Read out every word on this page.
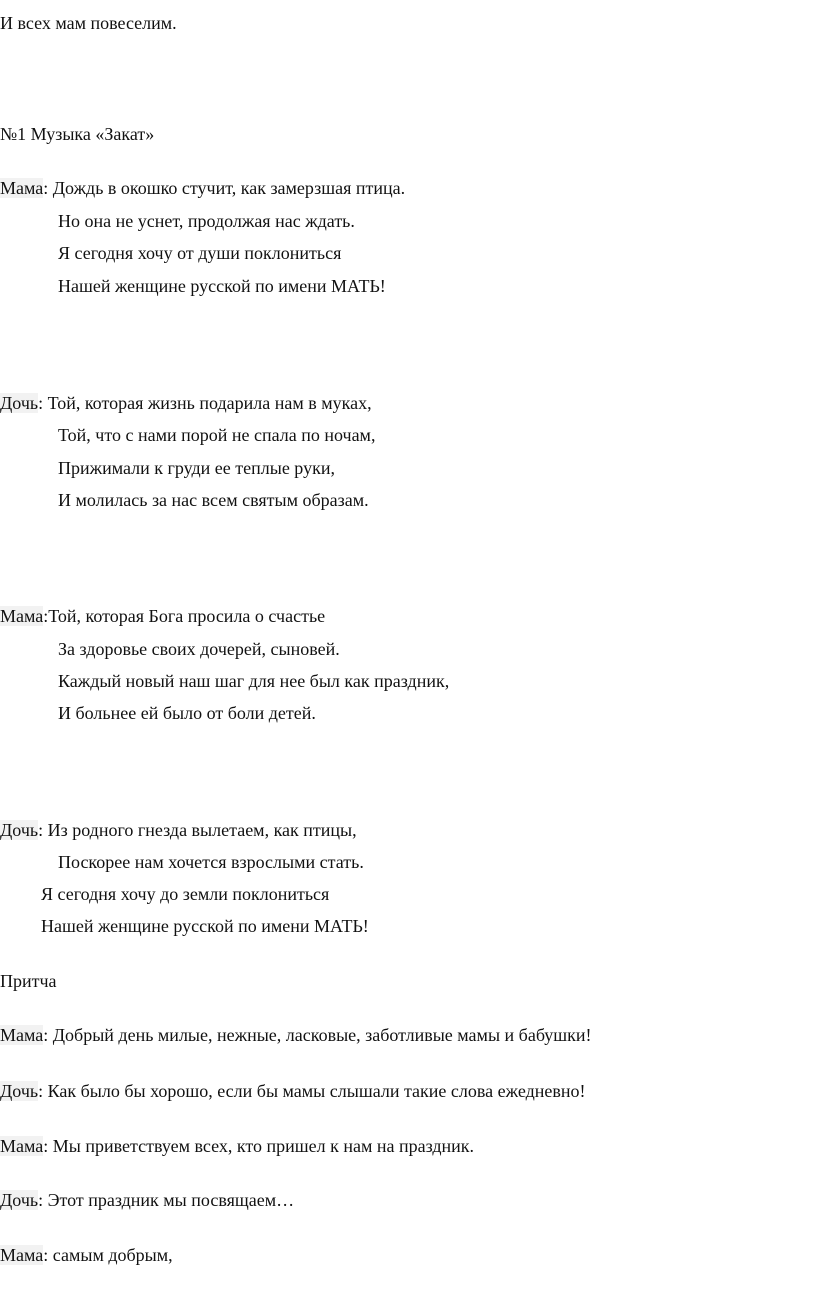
И всех мам повеселим.
№1 Музыка «Закат»
Мама: Дождь в окошко стучит, как замерзшая птица.
Но она не уснет, продолжая нас ждать.
Я сегодня хочу от души поклониться
Нашей женщине русской по имени МАТЬ!
Дочь: Той, которая жизнь подарила нам в муках,
Той, что с нами порой не спала по ночам,
Прижимали к груди ее теплые руки,
И молилась за нас всем святым образам.
Мама:Той, которая Бога просила о счастье
За здоровье своих дочерей, сыновей.
Каждый новый наш шаг для нее был как праздник,
И больнее ей было от боли детей.
Дочь: Из родного гнезда вылетаем, как птицы,
Поскорее нам хочется взрослыми стать.
Я сегодня хочу до земли поклониться
Нашей женщине русской по имени МАТЬ!
Притча
Мама: Добрый день милые, нежные, ласковые, заботливые мамы и бабушки!
Дочь: Как было бы хорошо, если бы мамы слышали такие слова ежедневно!
Мама: Мы приветствуем всех, кто пришел к нам на праздник.
Дочь: Этот праздник мы посвящаем…
Мама: самым добрым,
